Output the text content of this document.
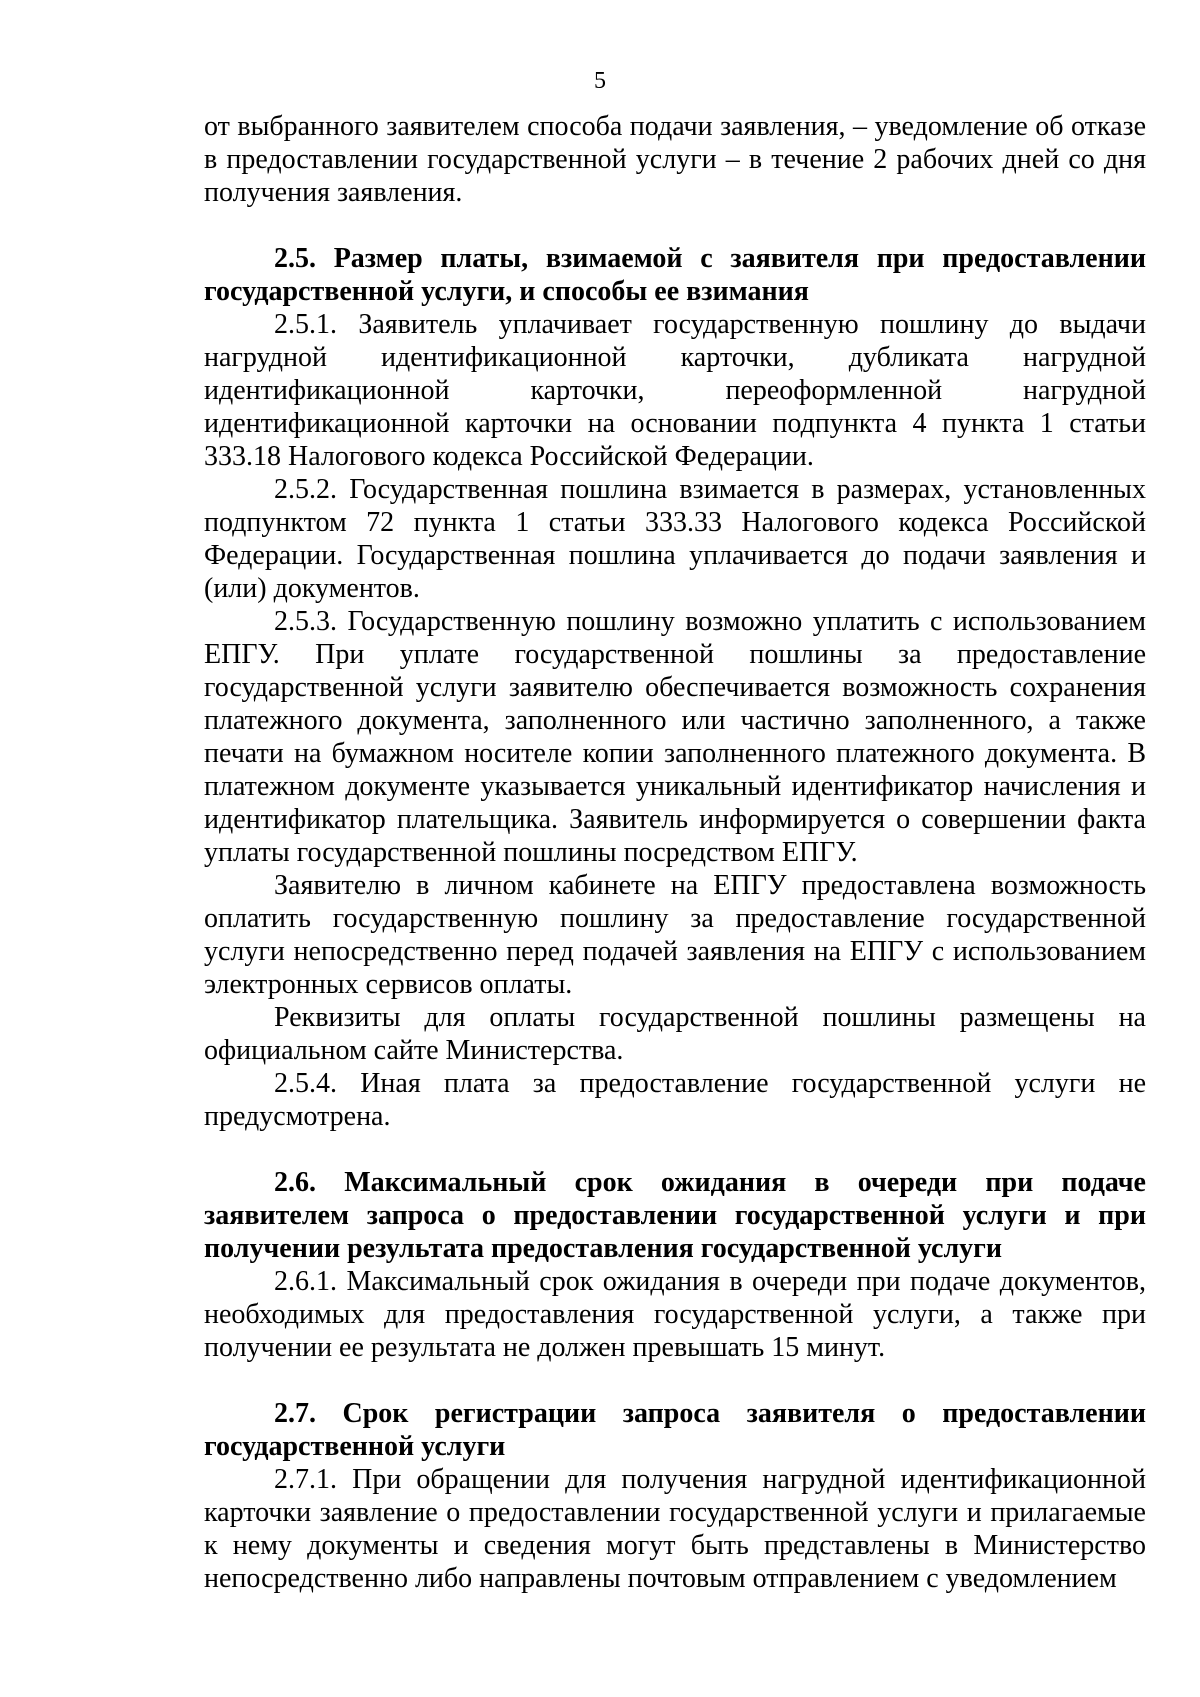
5

от выбранного заявителем способа подачи заявления, – уведомление об отказе в предоставлении государственной услуги – в течение 2 рабочих дней со дня получения заявления.

2.5. Размер платы, взимаемой с заявителя при предоставлении государственной услуги, и способы ее взимания

2.5.1. Заявитель уплачивает государственную пошлину до выдачи нагрудной идентификационной карточки, дубликата нагрудной идентификационной карточки, переоформленной нагрудной идентификационной карточки на основании подпункта 4 пункта 1 статьи 333.18 Налогового кодекса Российской Федерации.

2.5.2. Государственная пошлина взимается в размерах, установленных подпунктом 72 пункта 1 статьи 333.33 Налогового кодекса Российской Федерации. Государственная пошлина уплачивается до подачи заявления и (или) документов.

2.5.3. Государственную пошлину возможно уплатить с использованием ЕПГУ. При уплате государственной пошлины за предоставление государственной услуги заявителю обеспечивается возможность сохранения платежного документа, заполненного или частично заполненного, а также печати на бумажном носителе копии заполненного платежного документа. В платежном документе указывается уникальный идентификатор начисления и идентификатор плательщика. Заявитель информируется о совершении факта уплаты государственной пошлины посредством ЕПГУ.

Заявителю в личном кабинете на ЕПГУ предоставлена возможность оплатить государственную пошлину за предоставление государственной услуги непосредственно перед подачей заявления на ЕПГУ с использованием электронных сервисов оплаты.

Реквизиты для оплаты государственной пошлины размещены на официальном сайте Министерства.

2.5.4. Иная плата за предоставление государственной услуги не предусмотрена.

2.6. Максимальный срок ожидания в очереди при подаче заявителем запроса о предоставлении государственной услуги и при получении результата предоставления государственной услуги

2.6.1. Максимальный срок ожидания в очереди при подаче документов, необходимых для предоставления государственной услуги, а также при получении ее результата не должен превышать 15 минут.

2.7. Срок регистрации запроса заявителя о предоставлении государственной услуги

2.7.1. При обращении для получения нагрудной идентификационной карточки заявление о предоставлении государственной услуги и прилагаемые к нему документы и сведения могут быть представлены в Министерство непосредственно либо направлены почтовым отправлением с уведомлением
